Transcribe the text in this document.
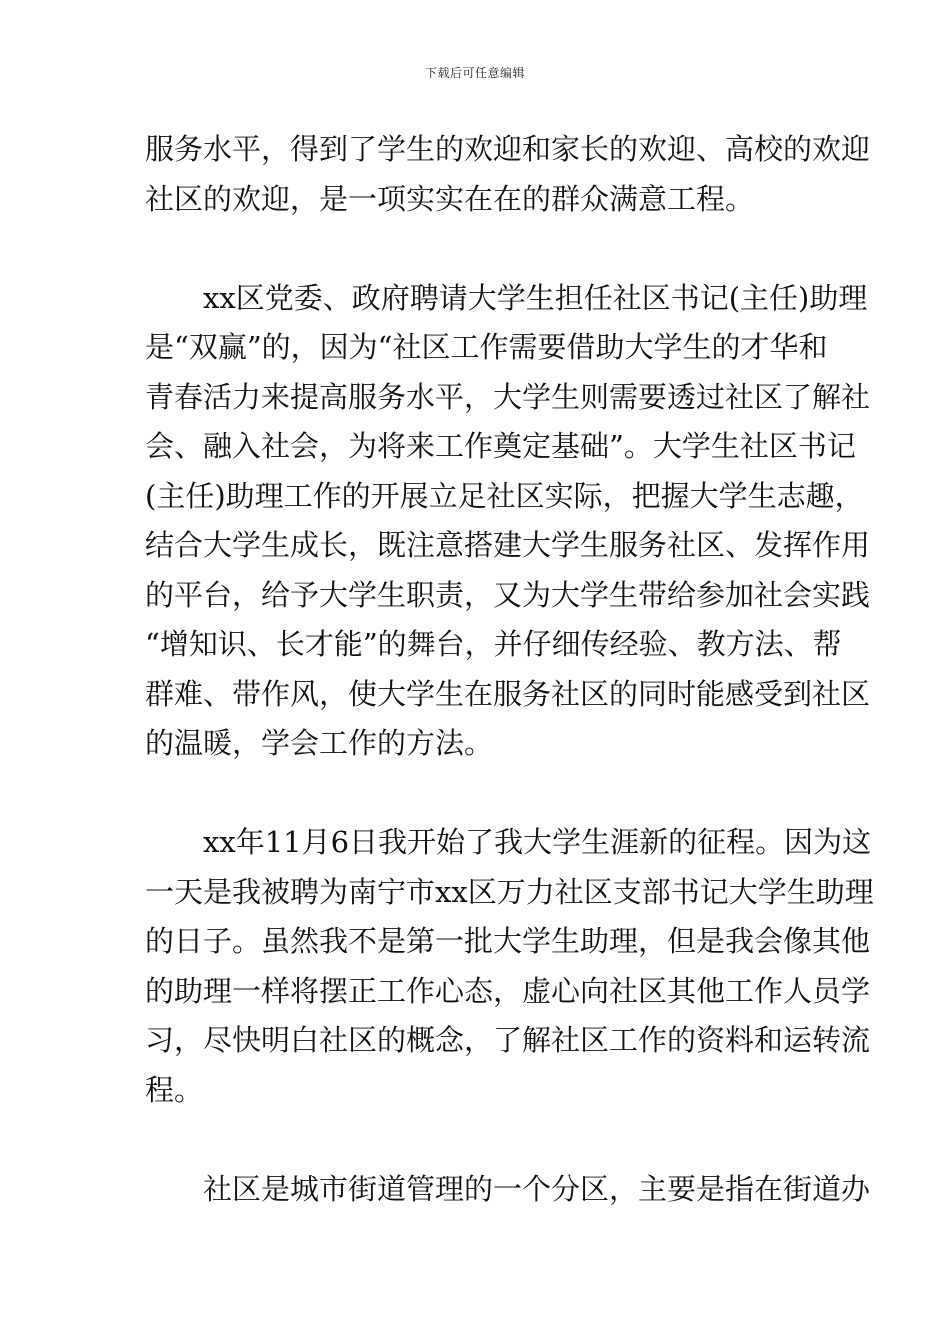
下载后可任意编辑
服务水平，得到了学生的欢迎和家长的欢迎、高校的欢迎
社区的欢迎，是一项实实在在的群众满意工程。
　　xx区党委、政府聘请大学生担任社区书记(主任)助理
是“双赢”的，因为“社区工作需要借助大学生的才华和
青春活力来提高服务水平，大学生则需要透过社区了解社
会、融入社会，为将来工作奠定基础”。大学生社区书记
(主任)助理工作的开展立足社区实际，把握大学生志趣，
结合大学生成长，既注意搭建大学生服务社区、发挥作用
的平台，给予大学生职责，又为大学生带给参加社会实践
“增知识、长才能”的舞台，并仔细传经验、教方法、帮
群难、带作风，使大学生在服务社区的同时能感受到社区
的温暖，学会工作的方法。
　　xx年11月6日我开始了我大学生涯新的征程。因为这
一天是我被聘为南宁市xx区万力社区支部书记大学生助理
的日子。虽然我不是第一批大学生助理，但是我会像其他
的助理一样将摆正工作心态，虚心向社区其他工作人员学
习，尽快明白社区的概念，了解社区工作的资料和运转流
程。
　　社区是城市街道管理的一个分区，主要是指在街道办
